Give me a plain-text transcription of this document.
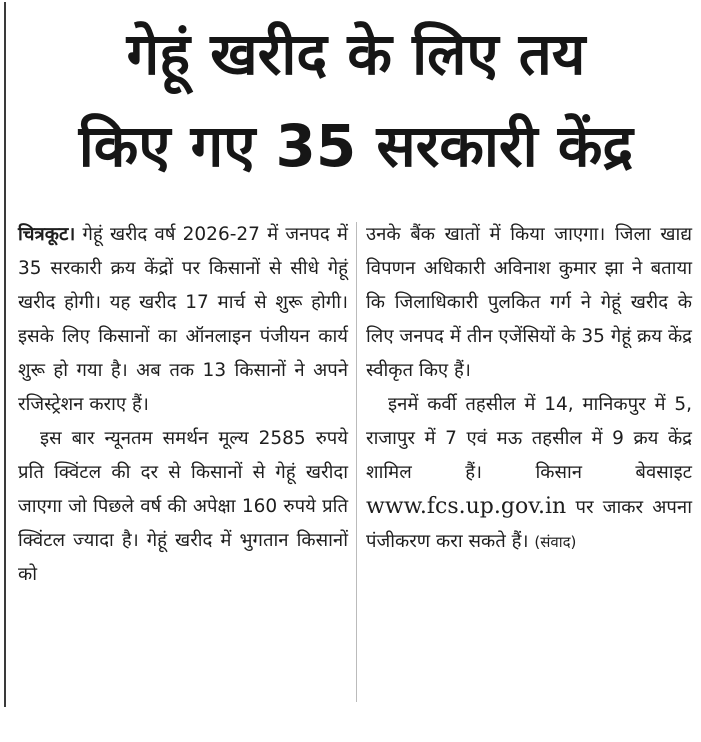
गेहूं खरीद के लिए तय
किए गए 35 सरकारी केंद्र

चित्रकूट। गेहूं खरीद वर्ष 2026-27 में जनपद में 35 सरकारी क्रय केंद्रों पर किसानों से सीधे गेहूं खरीद होगी। यह खरीद 17 मार्च से शुरू होगी। इसके लिए किसानों का ऑनलाइन पंजीयन कार्य शुरू हो गया है। अब तक 13 किसानों ने अपने रजिस्ट्रेशन कराए हैं।

इस बार न्यूनतम समर्थन मूल्य 2585 रुपये प्रति क्विंटल की दर से किसानों से गेहूं खरीदा जाएगा जो पिछले वर्ष की अपेक्षा 160 रुपये प्रति क्विंटल ज्यादा है। गेहूं खरीद में भुगतान किसानों को

उनके बैंक खातों में किया जाएगा। जिला खाद्य विपणन अधिकारी अविनाश कुमार झा ने बताया कि जिलाधिकारी पुलकित गर्ग ने गेहूं खरीद के लिए जनपद में तीन एजेंसियों के 35 गेहूं क्रय केंद्र स्वीकृत किए हैं।

इनमें कर्वी तहसील में 14, मानिकपुर में 5, राजापुर में 7 एवं मऊ तहसील में 9 क्रय केंद्र शामिल हैं। किसान बेवसाइट www.fcs.up.gov.in पर जाकर अपना पंजीकरण करा सकते हैं। (संवाद)
